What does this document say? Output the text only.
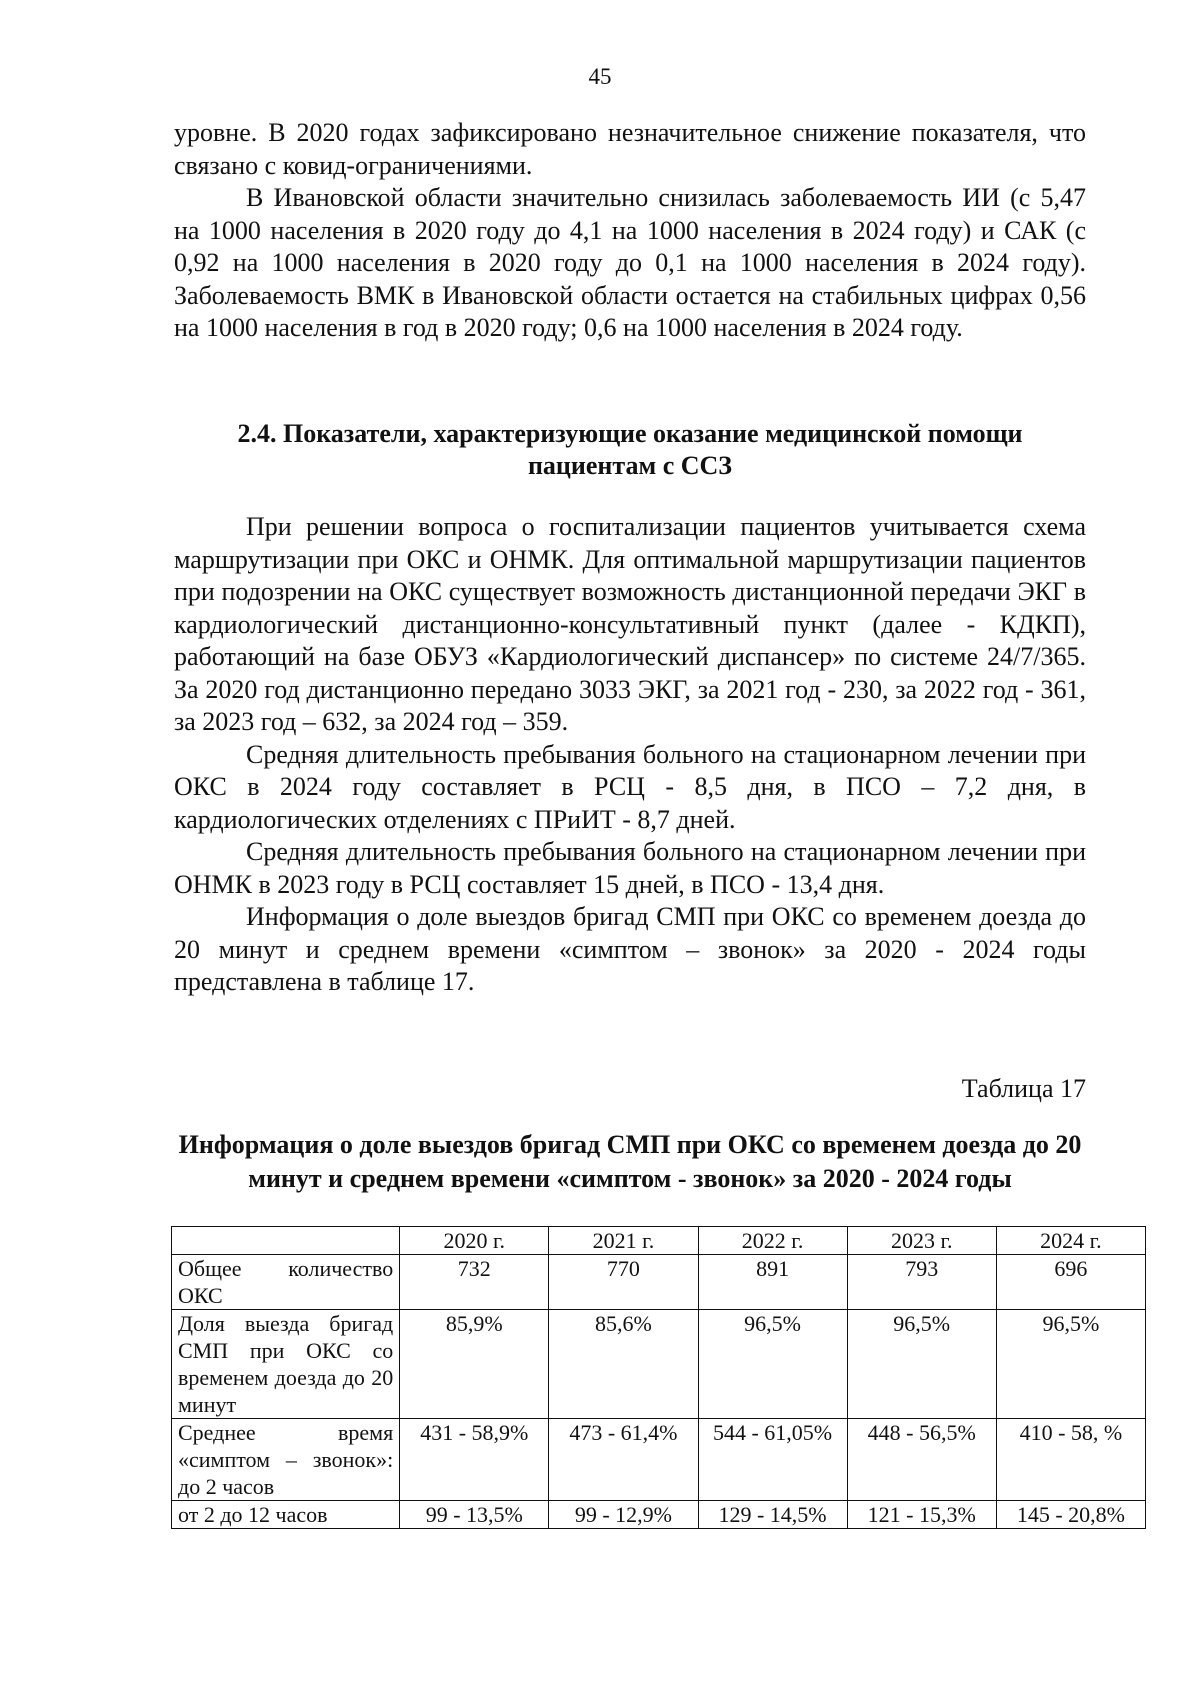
45

уровне. В 2020 годах зафиксировано незначительное снижение показателя, что связано с ковид-ограничениями.

В Ивановской области значительно снизилась заболеваемость ИИ (с 5,47 на 1000 населения в 2020 году до 4,1 на 1000 населения в 2024 году) и САК (с 0,92 на 1000 населения в 2020 году до 0,1 на 1000 населения в 2024 году). Заболеваемость ВМК в Ивановской области остается на стабильных цифрах 0,56 на 1000 населения в год в 2020 году; 0,6 на 1000 населения в 2024 году.

2.4. Показатели, характеризующие оказание медицинской помощи пациентам с ССЗ

При решении вопроса о госпитализации пациентов учитывается схема маршрутизации при ОКС и ОНМК. Для оптимальной маршрутизации пациентов при подозрении на ОКС существует возможность дистанционной передачи ЭКГ в кардиологический дистанционно-консультативный пункт (далее - КДКП), работающий на базе ОБУЗ «Кардиологический диспансер» по системе 24/7/365. За 2020 год дистанционно передано 3033 ЭКГ, за 2021 год - 230, за 2022 год - 361, за 2023 год – 632, за 2024 год – 359.

Средняя длительность пребывания больного на стационарном лечении при ОКС в 2024 году составляет в РСЦ - 8,5 дня, в ПСО – 7,2 дня, в кардиологических отделениях с ПРиИТ - 8,7 дней.

Средняя длительность пребывания больного на стационарном лечении при ОНМК в 2023 году в РСЦ составляет 15 дней, в ПСО - 13,4 дня.

Информация о доле выездов бригад СМП при ОКС со временем доезда до 20 минут и среднем времени «симптом – звонок» за 2020 - 2024 годы представлена в таблице 17.

Таблица 17
Информация о доле выездов бригад СМП при ОКС со временем доезда до 20 минут и среднем времени «симптом - звонок» за 2020 - 2024 годы
	2020 г.	2021 г.	2022 г.	2023 г.	2024 г.
Общее количество ОКС	732	770	891	793	696
Доля выезда бригад СМП при ОКС со временем доезда до 20 минут	85,9%	85,6%	96,5%	96,5%	96,5%
Среднее время «симптом – звонок»: до 2 часов	431 - 58,9%	473 - 61,4%	544 - 61,05%	448 - 56,5%	410 - 58, %
от 2 до 12 часов	99 - 13,5%	99 - 12,9%	129 - 14,5%	121 - 15,3%	145 - 20,8%
